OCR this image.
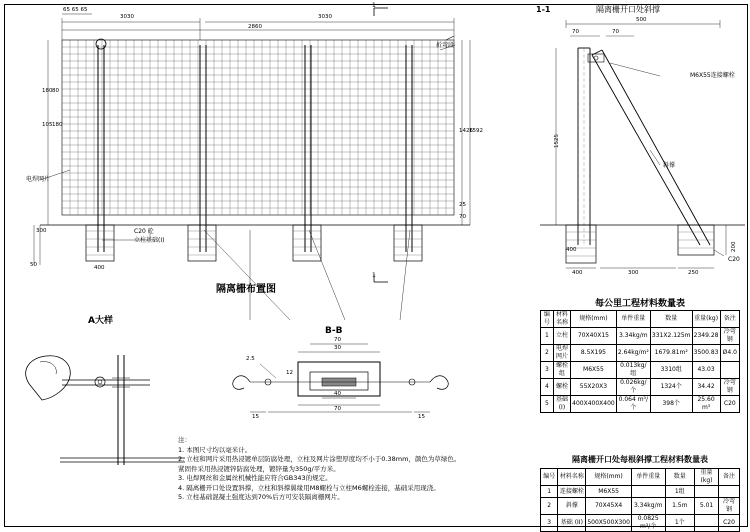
65 65 65
3030	3030
2860
80
180
105 180
1426
1592
25
70
400
50
300
电焊网片
折弯段
C20 砼
立柱基础(I)
1
1
隔离栅布置图
1-1	隔离栅开口处斜撑
500
70	70
1525
400	300	250
200
M6X55连接螺栓
斜撑
C20
400
B-B
2.5
70
30
40
70
15	15
12
A大样
注：
1. 本图尺寸均以毫米计。
2. 立柱和网片采用热浸镀单层防腐处理，立柱及网片涂塑厚度均不小于0.38mm，颜色为草绿色。
紧固件采用热浸镀锌防腐处理，镀锌量为350g/平方米。
3. 电焊网丝和金属丝机械性能应符合GB343的规定。
4. 隔离栅开口处设置斜撑，立柱和斜撑翼缘用M8螺栓与立柱M6螺栓连接，基础采用现浇。
5. 立柱基础混凝土强度达到70%后方可安装隔离栅网片。
每公里工程材料数量表
编号	材料名称	规格(mm)	单件重量	数量	重量(kg)	备注
1	立柱	70X40X15	3.34kg/m	331X2.125m	2349.28	冷弯钢
2	电焊网片	8.5X195	2.64kg/m²	1679.81m²	3500.83	Ø4.0
3	螺栓组	M6X55	0.013kg/组	3310组	43.03	
4	螺栓	55X20X3	0.026kg/个	1324个	34.42	冷弯钢
5	基础 (I)	400X400X400	0.064 m³/个	398个	25.60 m³	C20
隔离栅开口处每根斜撑工程材料数量表
编号	材料名称	规格(mm)	单件重量	数量	重量(kg)	备注
1	连接螺栓	M6X55		1组		
2	斜撑	70X45X4	3.34kg/m	1.5m	5.01	冷弯钢
3	基础 (II)	500X500X300	0.0825 m³/个	1个		C20
